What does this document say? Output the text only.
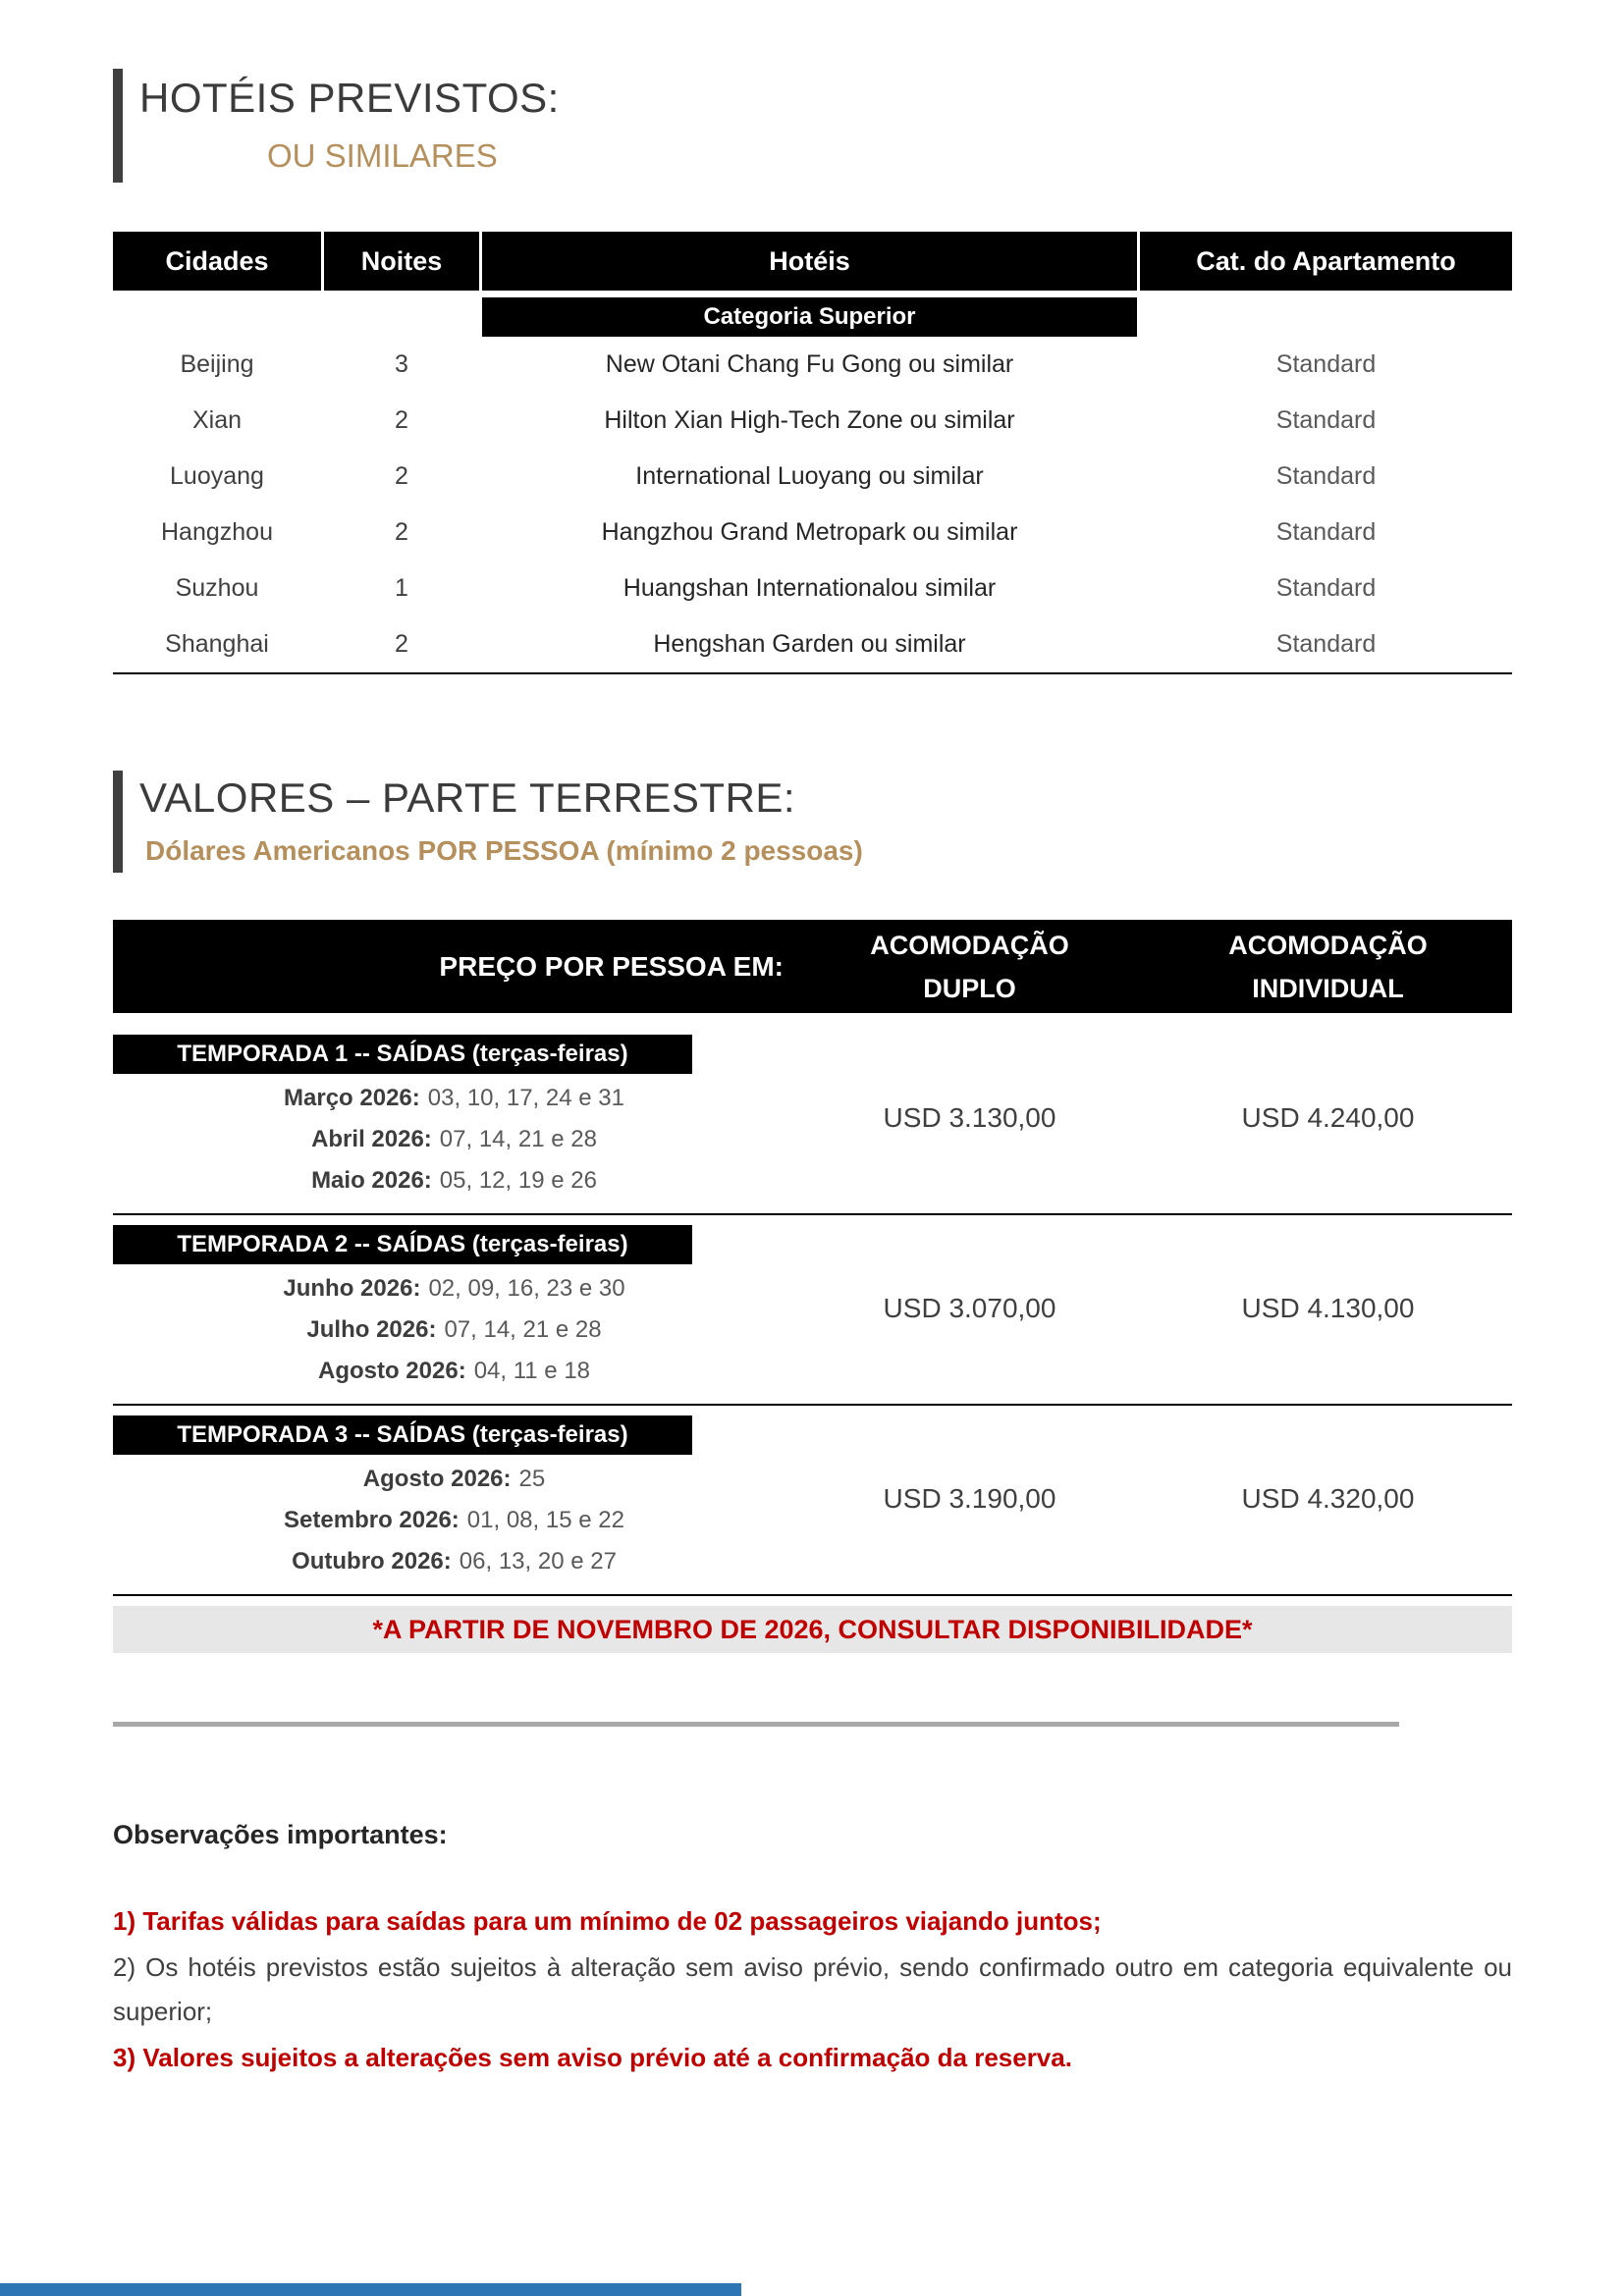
HOTÉIS PREVISTOS:
OU SIMILARES
Cidades	Noites	Hotéis	Cat. do Apartamento
Categoria Superior
Beijing	3	New Otani Chang Fu Gong ou similar	Standard
Xian	2	Hilton Xian High-Tech Zone ou similar	Standard
Luoyang	2	International Luoyang ou similar	Standard
Hangzhou	2	Hangzhou Grand Metropark ou similar	Standard
Suzhou	1	Huangshan Internationalou similar	Standard
Shanghai	2	Hengshan Garden ou similar	Standard
VALORES – PARTE TERRESTRE:
Dólares Americanos POR PESSOA (mínimo 2 pessoas)
PREÇO POR PESSOA EM:
ACOMODAÇÃO
DUPLO
ACOMODAÇÃO
INDIVIDUAL
TEMPORADA 1 -- SAÍDAS (terças-feiras)
Março 2026: 03, 10, 17, 24 e 31
Abril 2026: 07, 14, 21 e 28
Maio 2026: 05, 12, 19 e 26
USD 3.130,00	USD 4.240,00
TEMPORADA 2 -- SAÍDAS (terças-feiras)
Junho 2026: 02, 09, 16, 23 e 30
Julho 2026: 07, 14, 21 e 28
Agosto 2026: 04, 11 e 18
USD 3.070,00	USD 4.130,00
TEMPORADA 3 -- SAÍDAS (terças-feiras)
Agosto 2026: 25
Setembro 2026: 01, 08, 15 e 22
Outubro 2026: 06, 13, 20 e 27
USD 3.190,00	USD 4.320,00
*A PARTIR DE NOVEMBRO DE 2026, CONSULTAR DISPONIBILIDADE*
Observações importantes:
1) Tarifas válidas para saídas para um mínimo de 02 passageiros viajando juntos;
2) Os hotéis previstos estão sujeitos à alteração sem aviso prévio, sendo confirmado outro em categoria equivalente ou superior;
3) Valores sujeitos a alterações sem aviso prévio até a confirmação da reserva.
